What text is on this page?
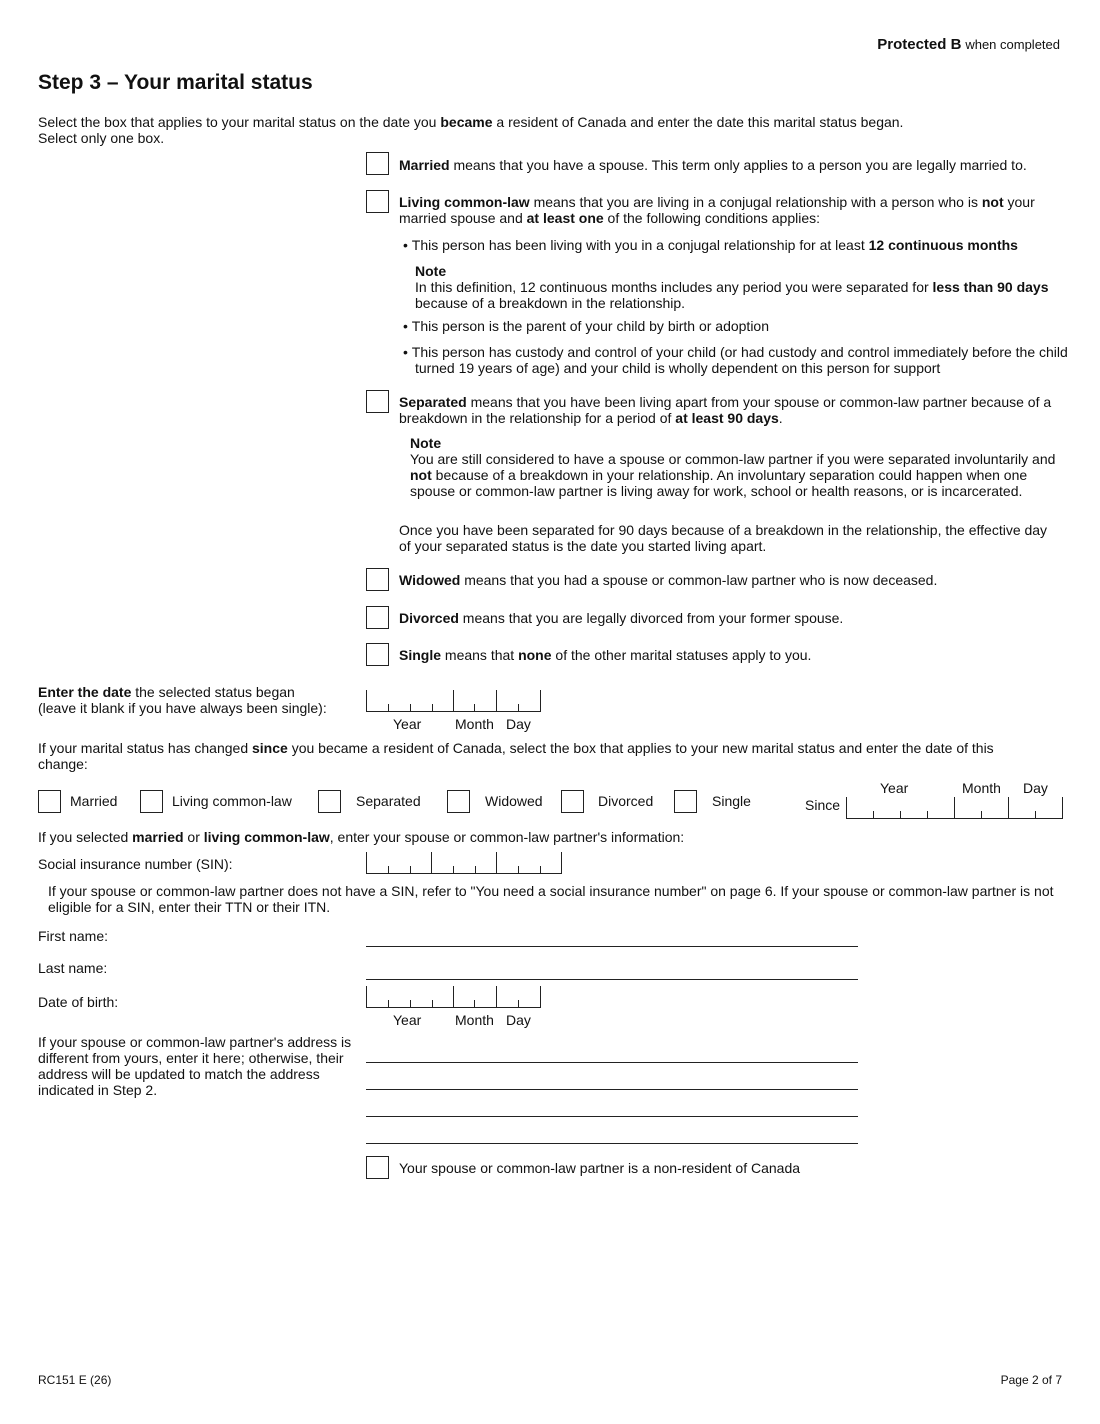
Protected B when completed
Step 3 – Your marital status
Select the box that applies to your marital status on the date you became a resident of Canada and enter the date this marital status began.
Select only one box.
Married means that you have a spouse. This term only applies to a person you are legally married to.
Living common-law means that you are living in a conjugal relationship with a person who is not your married spouse and at least one of the following conditions applies:
• This person has been living with you in a conjugal relationship for at least 12 continuous months
Note
In this definition, 12 continuous months includes any period you were separated for less than 90 days because of a breakdown in the relationship.
• This person is the parent of your child by birth or adoption
• This person has custody and control of your child (or had custody and control immediately before the child turned 19 years of age) and your child is wholly dependent on this person for support
Separated means that you have been living apart from your spouse or common-law partner because of a breakdown in the relationship for a period of at least 90 days.
Note
You are still considered to have a spouse or common-law partner if you were separated involuntarily and not because of a breakdown in your relationship. An involuntary separation could happen when one spouse or common-law partner is living away for work, school or health reasons, or is incarcerated.
Once you have been separated for 90 days because of a breakdown in the relationship, the effective day of your separated status is the date you started living apart.
Widowed means that you had a spouse or common-law partner who is now deceased.
Divorced means that you are legally divorced from your former spouse.
Single means that none of the other marital statuses apply to you.
Enter the date the selected status began
(leave it blank if you have always been single):
Year Month Day
If your marital status has changed since you became a resident of Canada, select the box that applies to your new marital status and enter the date of this change:
Married	Living common-law	Separated	Widowed	Divorced	Single	Since
Year	Month Day
If you selected married or living common-law, enter your spouse or common-law partner's information:
Social insurance number (SIN):
If your spouse or common-law partner does not have a SIN, refer to "You need a social insurance number" on page 6. If your spouse or common-law partner is not eligible for a SIN, enter their TTN or their ITN.
First name:
Last name:
Date of birth:
Year Month Day
If your spouse or common-law partner's address is different from yours, enter it here; otherwise, their address will be updated to match the address indicated in Step 2.
Your spouse or common-law partner is a non-resident of Canada
RC151 E (26)	Page 2 of 7
